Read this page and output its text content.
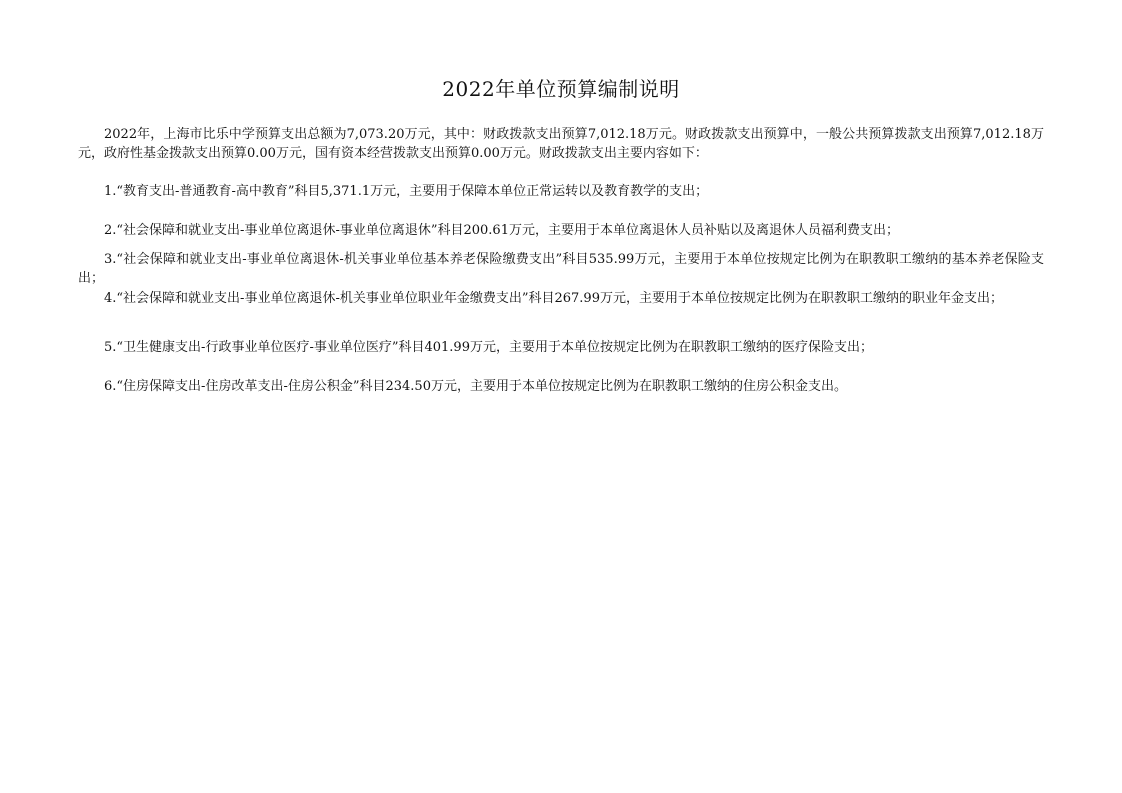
2022年单位预算编制说明

2022年，上海市比乐中学预算支出总额为7,073.20万元，其中：财政拨款支出预算7,012.18万元。财政拨款支出预算中，一般公共预算拨款支出预算7,012.18万元，政府性基金拨款支出预算0.00万元，国有资本经营拨款支出预算0.00万元。财政拨款支出主要内容如下：

1.“教育支出-普通教育-高中教育”科目5,371.1万元，主要用于保障本单位正常运转以及教育教学的支出；

2.“社会保障和就业支出-事业单位离退休-事业单位离退休”科目200.61万元，主要用于本单位离退休人员补贴以及离退休人员福利费支出；

3.“社会保障和就业支出-事业单位离退休-机关事业单位基本养老保险缴费支出”科目535.99万元，主要用于本单位按规定比例为在职教职工缴纳的基本养老保险支出；

4.“社会保障和就业支出-事业单位离退休-机关事业单位职业年金缴费支出”科目267.99万元，主要用于本单位按规定比例为在职教职工缴纳的职业年金支出；

5.“卫生健康支出-行政事业单位医疗-事业单位医疗”科目401.99万元，主要用于本单位按规定比例为在职教职工缴纳的医疗保险支出；

6.“住房保障支出-住房改革支出-住房公积金”科目234.50万元，主要用于本单位按规定比例为在职教职工缴纳的住房公积金支出。
